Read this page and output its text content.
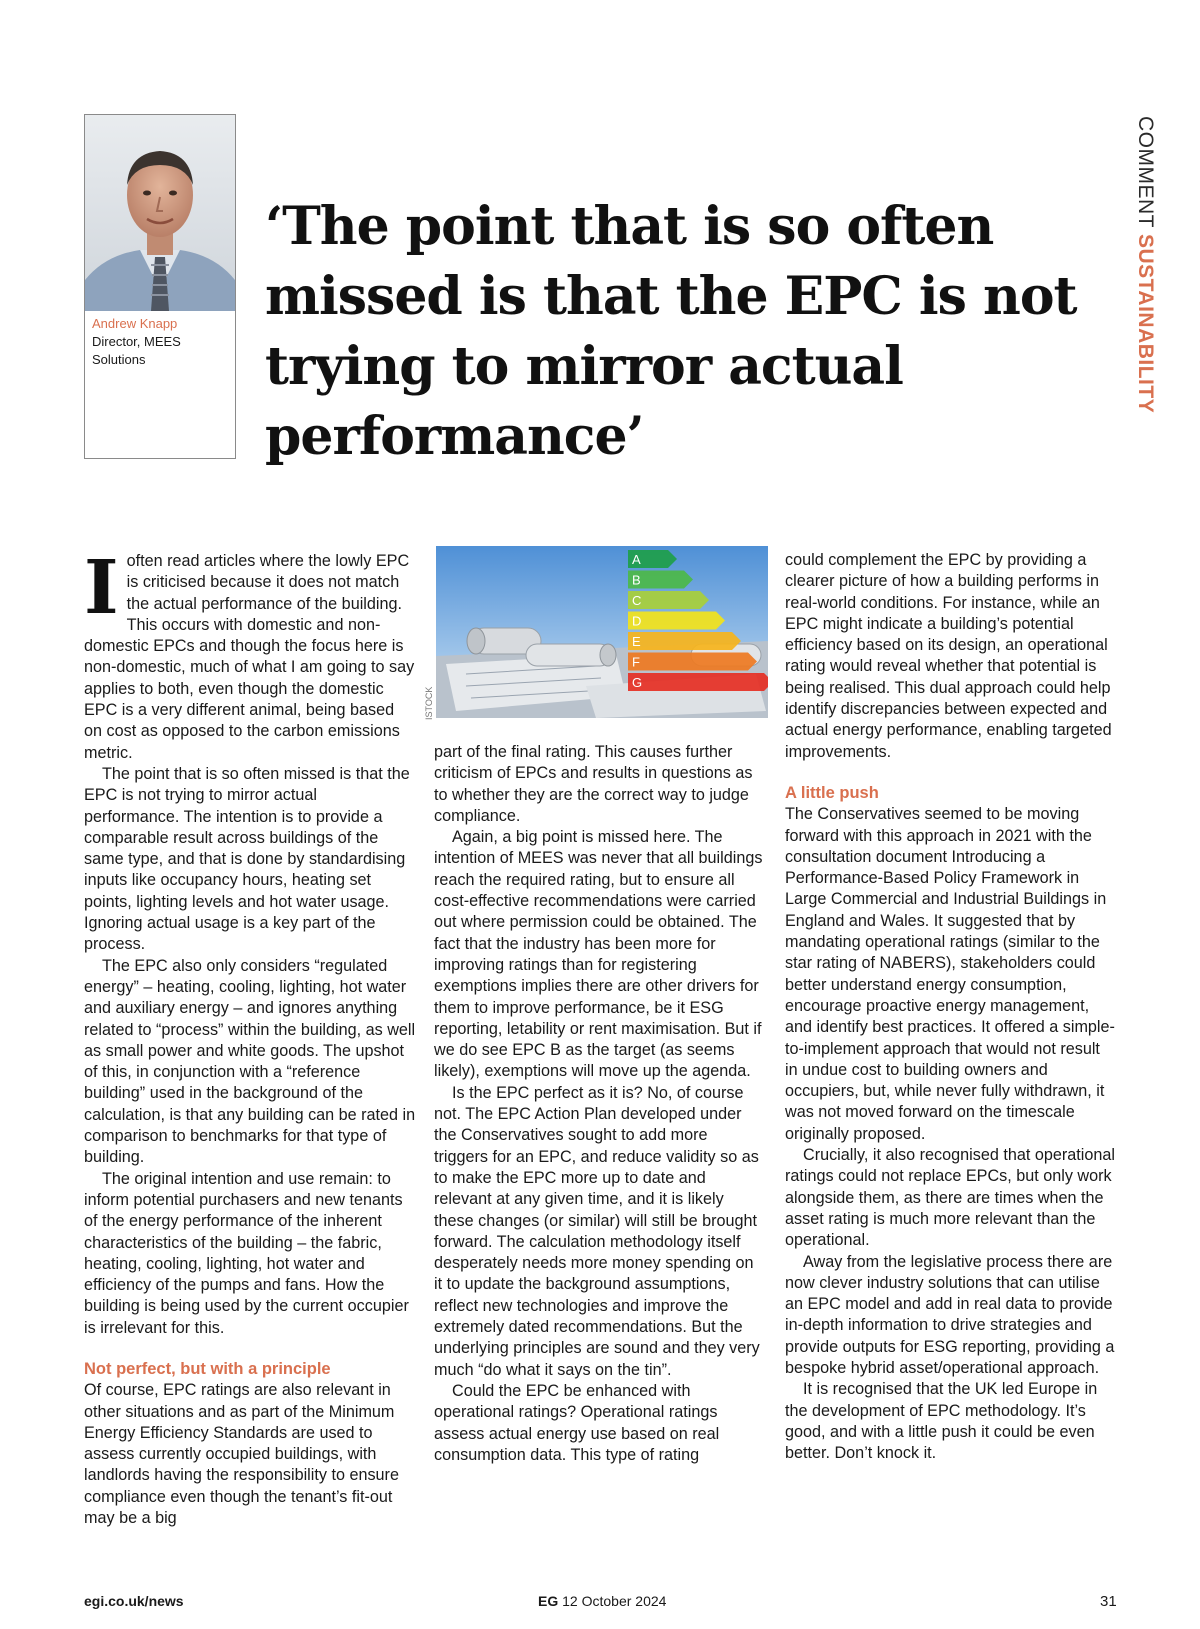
COMMENT SUSTAINABILITY
Andrew Knapp
Director, MEES Solutions
‘The point that is so often missed is that the EPC is not trying to mirror actual performance’

Ioften read articles where the lowly EPC is criticised because it does not match the actual performance of the building. This occurs with domestic and non-domestic EPCs and though the focus here is non-domestic, much of what I am going to say applies to both, even though the domestic EPC is a very different animal, being based on cost as opposed to the carbon emissions metric.

The point that is so often missed is that the EPC is not trying to mirror actual performance. The intention is to provide a comparable result across buildings of the same type, and that is done by standardising inputs like occupancy hours, heating set points, lighting levels and hot water usage. Ignoring actual usage is a key part of the process.

The EPC also only considers “regulated energy” – heating, cooling, lighting, hot water and auxiliary energy – and ignores anything related to “process” within the building, as well as small power and white goods. The upshot of this, in conjunction with a “reference building” used in the background of the calculation, is that any building can be rated in comparison to benchmarks for that type of building.

The original intention and use remain: to inform potential purchasers and new tenants of the energy performance of the inherent characteristics of the building – the fabric, heating, cooling, lighting, hot water and efficiency of the pumps and fans. How the building is being used by the current occupier is irrelevant for this.

Not perfect, but with a principle

Of course, EPC ratings are also relevant in other situations and as part of the Minimum Energy Efficiency Standards are used to assess currently occupied buildings, with landlords having the responsibility to ensure compliance even though the tenant’s fit-out may be a big

A
B
C
D
E
F
G
ISTOCK

part of the final rating. This causes further criticism of EPCs and results in questions as to whether they are the correct way to judge compliance.

Again, a big point is missed here. The intention of MEES was never that all buildings reach the required rating, but to ensure all cost-effective recommendations were carried out where permission could be obtained. The fact that the industry has been more for improving ratings than for registering exemptions implies there are other drivers for them to improve performance, be it ESG reporting, letability or rent maximisation. But if we do see EPC B as the target (as seems likely), exemptions will move up the agenda.

Is the EPC perfect as it is? No, of course not. The EPC Action Plan developed under the Conservatives sought to add more triggers for an EPC, and reduce validity so as to make the EPC more up to date and relevant at any given time, and it is likely these changes (or similar) will still be brought forward. The calculation methodology itself desperately needs more money spending on it to update the background assumptions, reflect new technologies and improve the extremely dated recommendations. But the underlying principles are sound and they very much “do what it says on the tin”.

Could the EPC be enhanced with operational ratings? Operational ratings assess actual energy use based on real consumption data. This type of rating

could complement the EPC by providing a clearer picture of how a building performs in real-world conditions. For instance, while an EPC might indicate a building’s potential efficiency based on its design, an operational rating would reveal whether that potential is being realised. This dual approach could help identify discrepancies between expected and actual energy performance, enabling targeted improvements.

A little push

The Conservatives seemed to be moving forward with this approach in 2021 with the consultation document Introducing a Performance-Based Policy Framework in Large Commercial and Industrial Buildings in England and Wales. It suggested that by mandating operational ratings (similar to the star rating of NABERS), stakeholders could better understand energy consumption, encourage proactive energy management, and identify best practices. It offered a simple-to-implement approach that would not result in undue cost to building owners and occupiers, but, while never fully withdrawn, it was not moved forward on the timescale originally proposed.

Crucially, it also recognised that operational ratings could not replace EPCs, but only work alongside them, as there are times when the asset rating is much more relevant than the operational.

Away from the legislative process there are now clever industry solutions that can utilise an EPC model and add in real data to provide in-depth information to drive strategies and provide outputs for ESG reporting, providing a bespoke hybrid asset/operational approach.

It is recognised that the UK led Europe in the development of EPC methodology. It’s good, and with a little push it could be even better. Don’t knock it.

egi.co.uk/news	EG 12 October 2024	31
